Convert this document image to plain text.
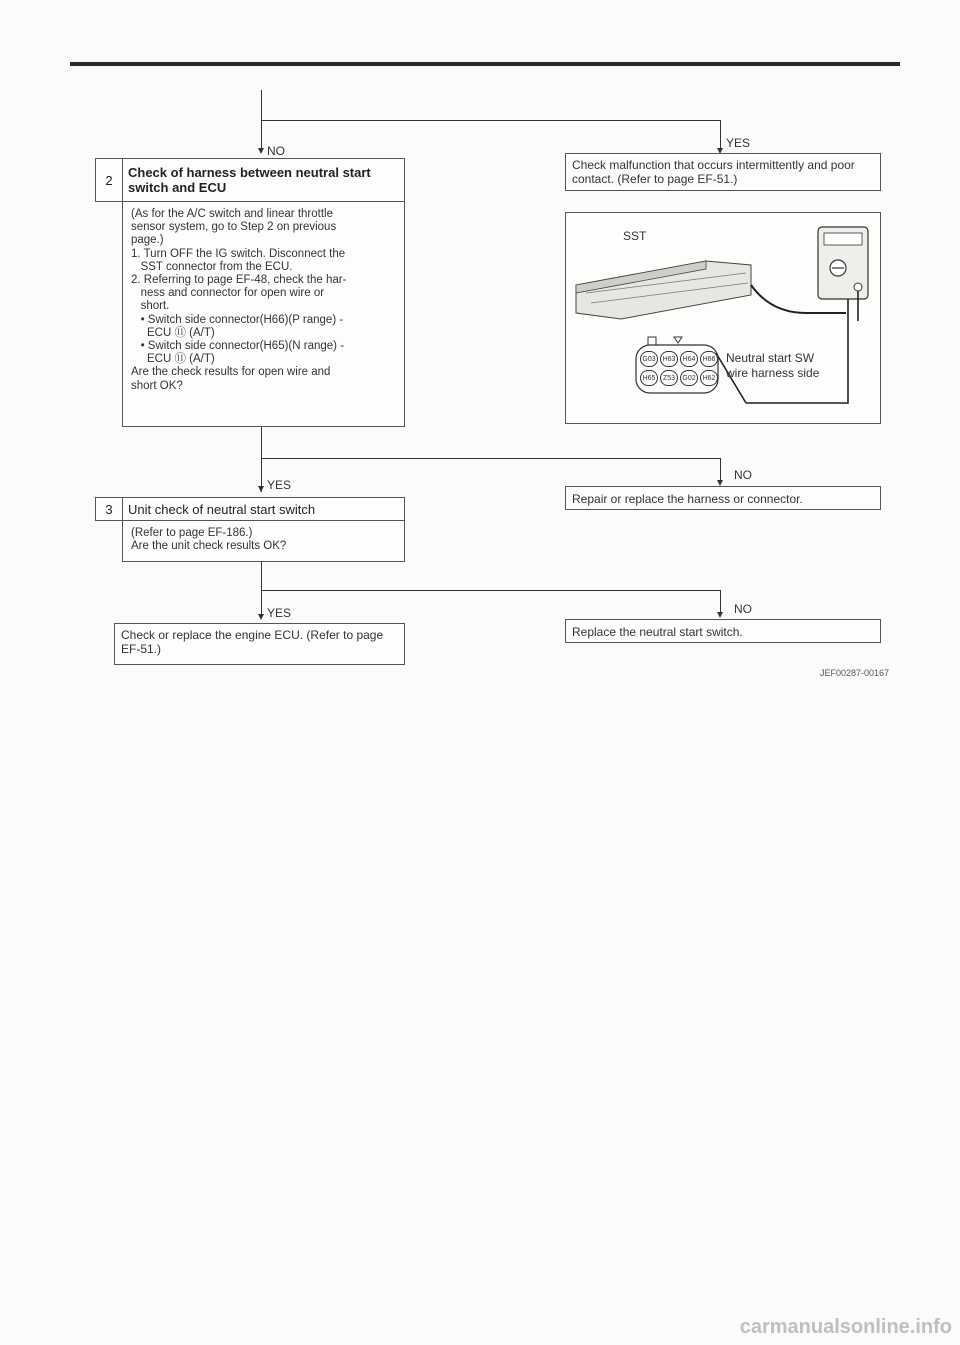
NO
YES
2	Check of harness between neutral start switch and ECU
(As for the A/C switch and linear throttle
sensor system, go to Step 2 on previous
page.)
1. Turn OFF the IG switch. Disconnect the
SST connector from the ECU.
2. Referring to page EF-48, check the har-
ness and connector for open wire or
short.
• Switch side connector(H66)(P range) -
ECU ⑪ (A/T)
• Switch side connector(H65)(N range) -
ECU ⑪ (A/T)
Are the check results for open wire and
short OK?
Check malfunction that occurs intermittently and poor contact. (Refer to page EF-51.)
SST
Neutral start SW
wire harness side
G03 H63	H64	H66
H65	Z53	G02 H62
YES
NO
Repair or replace the harness or connector.
3	Unit check of neutral start switch
(Refer to page EF-186.)
Are the unit check results OK?
YES	NO
Check or replace the engine ECU. (Refer to page EF-51.)
Replace the neutral start switch.
JEF00287-00167
carmanualsonline.info
